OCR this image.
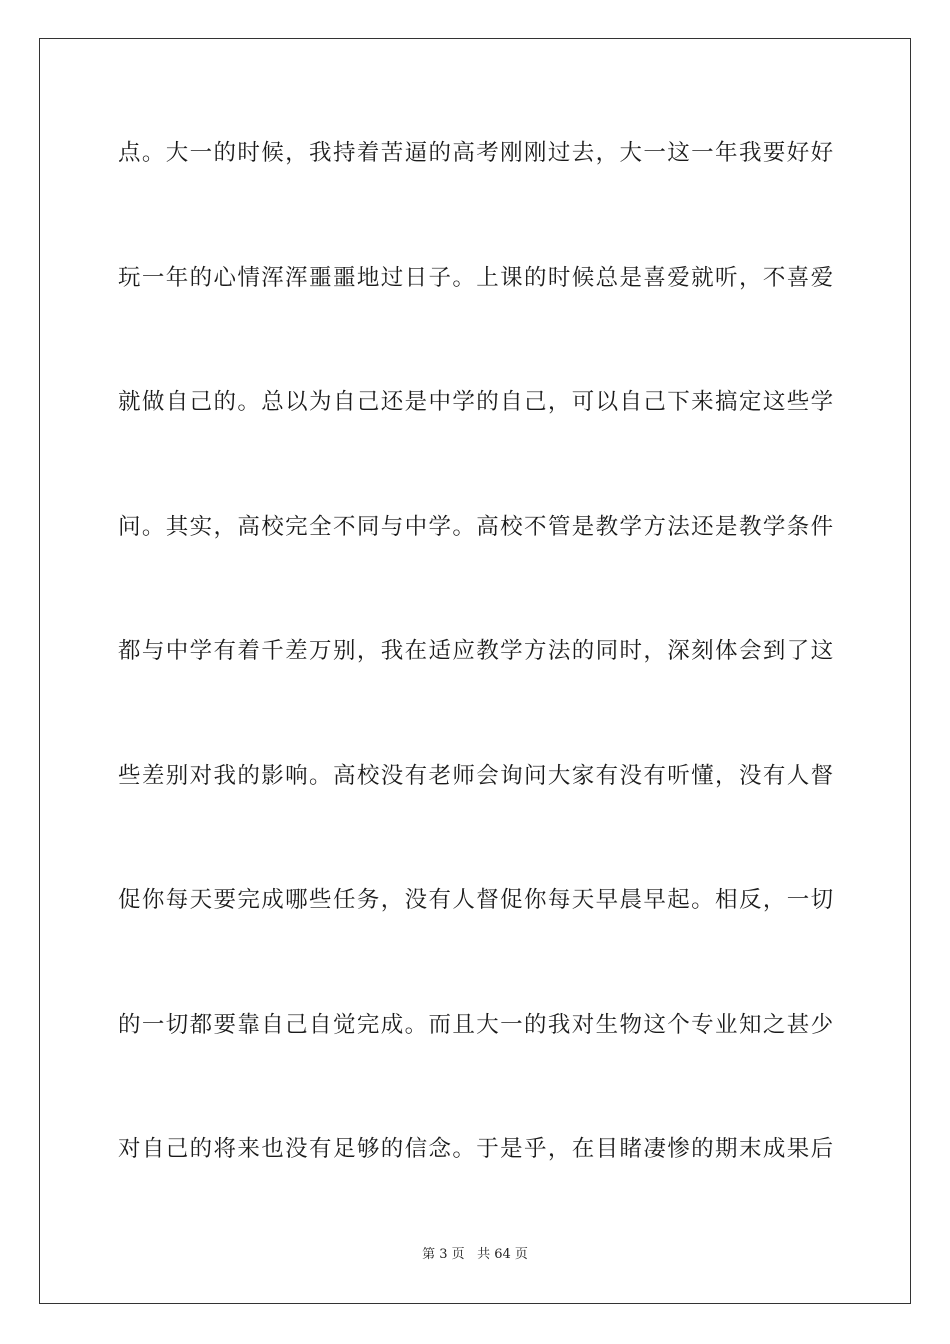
点。大一的时候，我持着苦逼的高考刚刚过去，大一这一年我要好好
玩一年的心情浑浑噩噩地过日子。上课的时候总是喜爱就听，不喜爱
就做自己的。总以为自己还是中学的自己，可以自己下来搞定这些学
问。其实，高校完全不同与中学。高校不管是教学方法还是教学条件
都与中学有着千差万别，我在适应教学方法的同时，深刻体会到了这
些差别对我的影响。高校没有老师会询问大家有没有听懂，没有人督
促你每天要完成哪些任务，没有人督促你每天早晨早起。相反，一切
的一切都要靠自己自觉完成。而且大一的我对生物这个专业知之甚少
对自己的将来也没有足够的信念。于是乎，在目睹凄惨的期末成果后
第 3 页 共 64 页
